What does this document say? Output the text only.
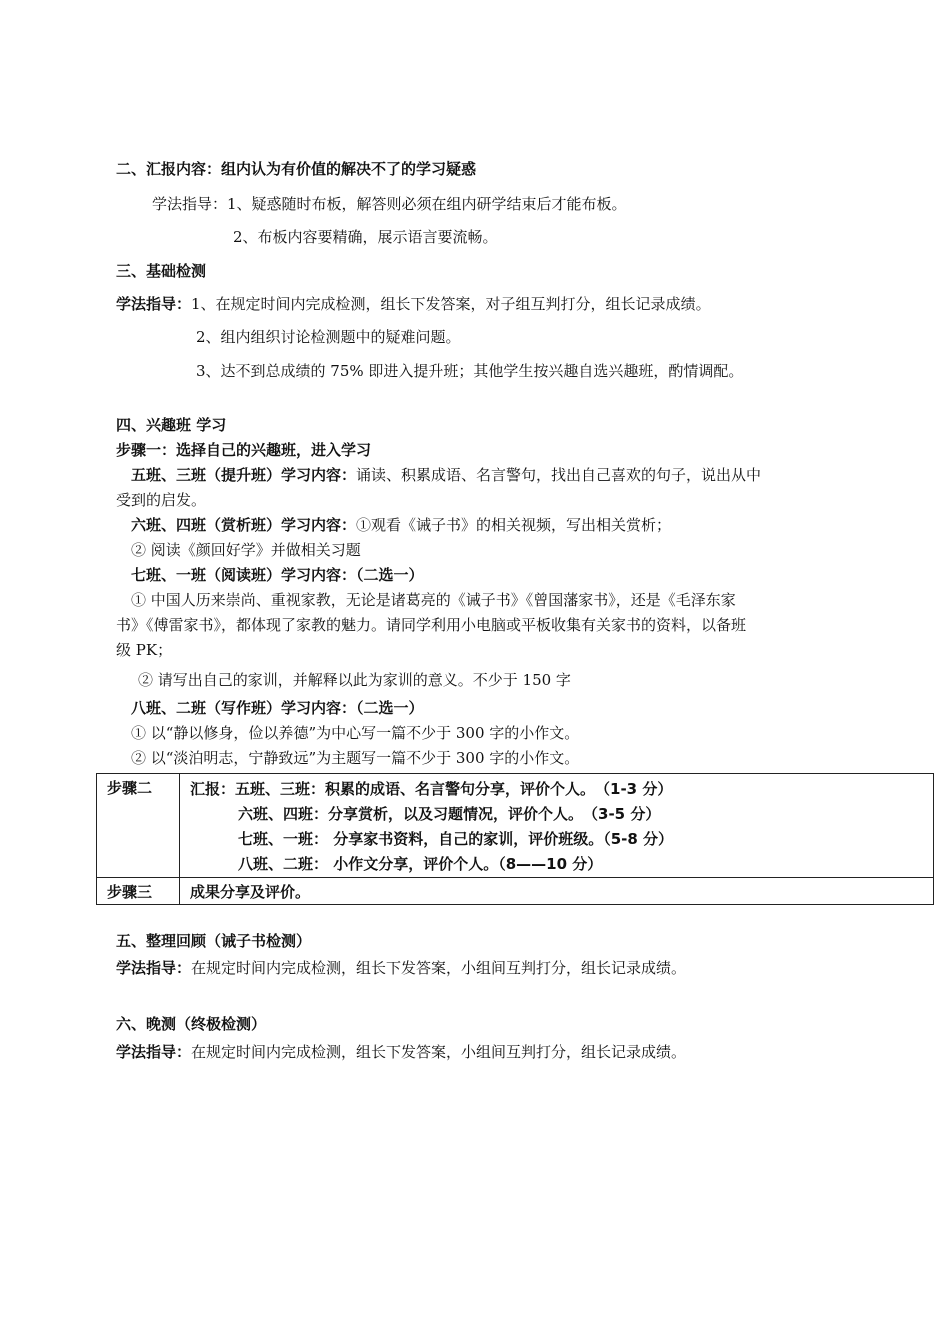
二、汇报内容：组内认为有价值的解决不了的学习疑惑
学法指导：1、疑惑随时布板，解答则必须在组内研学结束后才能布板。
2、布板内容要精确，展示语言要流畅。
三、基础检测
学法指导：1、在规定时间内完成检测，组长下发答案，对子组互判打分，组长记录成绩。
2、组内组织讨论检测题中的疑难问题。
3、达不到总成绩的 75% 即进入提升班；其他学生按兴趣自选兴趣班，酌情调配。
四、兴趣班 学习
步骤一：选择自己的兴趣班，进入学习
五班、三班（提升班）学习内容：诵读、积累成语、名言警句，找出自己喜欢的句子，说出从中
受到的启发。
六班、四班（赏析班）学习内容：①观看《诫子书》的相关视频，写出相关赏析；
② 阅读《颜回好学》并做相关习题
七班、一班（阅读班）学习内容：（二选一）
① 中国人历来崇尚、重视家教，无论是诸葛亮的《诫子书》《曾国藩家书》，还是《毛泽东家
书》《傅雷家书》，都体现了家教的魅力。请同学利用小电脑或平板收集有关家书的资料，以备班
级 PK；
② 请写出自己的家训，并解释以此为家训的意义。不少于 150 字
八班、二班（写作班）学习内容：（二选一）
① 以“静以修身，俭以养德”为中心写一篇不少于 300 字的小作文。
② 以“淡泊明志，宁静致远”为主题写一篇不少于 300 字的小作文。
步骤二	汇报：五班、三班：积累的成语、名言警句分享，评价个人。　（1-3 分）
六班、四班：分享赏析，以及习题情况，评价个人。　（3-5 分）
七班、一班： 分享家书资料，自己的家训，评价班级。（5-8 分）
八班、二班： 小作文分享，评价个人。（8——10 分）

步骤三	成果分享及评价。
五、整理回顾（诫子书检测）
学法指导：在规定时间内完成检测，组长下发答案，小组间互判打分，组长记录成绩。
六、晚测（终极检测）
学法指导：在规定时间内完成检测，组长下发答案，小组间互判打分，组长记录成绩。
